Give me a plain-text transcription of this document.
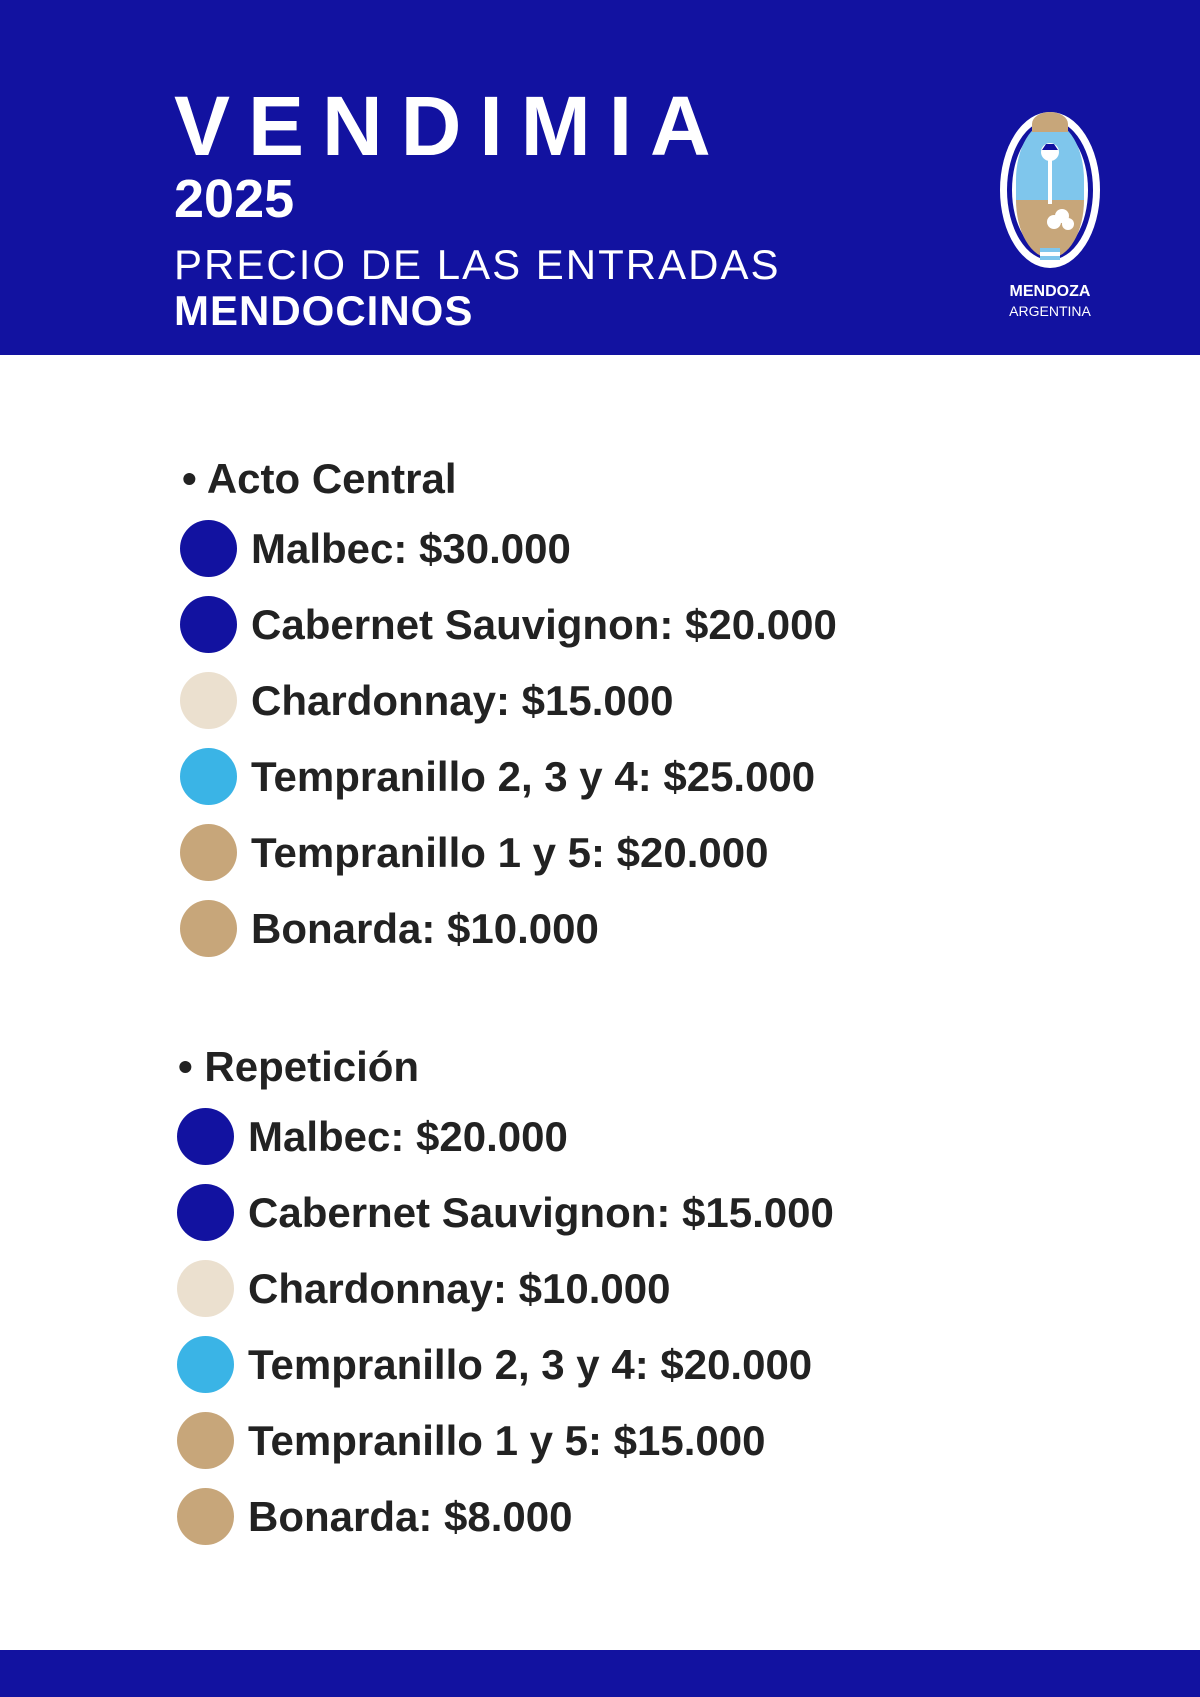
VENDIMIA
2025
PRECIO DE LAS ENTRADAS
MENDOCINOS	MENDOZA
ARGENTINA
• Acto Central
Malbec: $30.000
Cabernet Sauvignon: $20.000
Chardonnay: $15.000
Tempranillo 2, 3 y 4: $25.000
Tempranillo 1 y 5: $20.000
Bonarda: $10.000
• Repetición
Malbec: $20.000
Cabernet Sauvignon: $15.000
Chardonnay: $10.000
Tempranillo 2, 3 y 4: $20.000
Tempranillo 1 y 5: $15.000
Bonarda: $8.000
